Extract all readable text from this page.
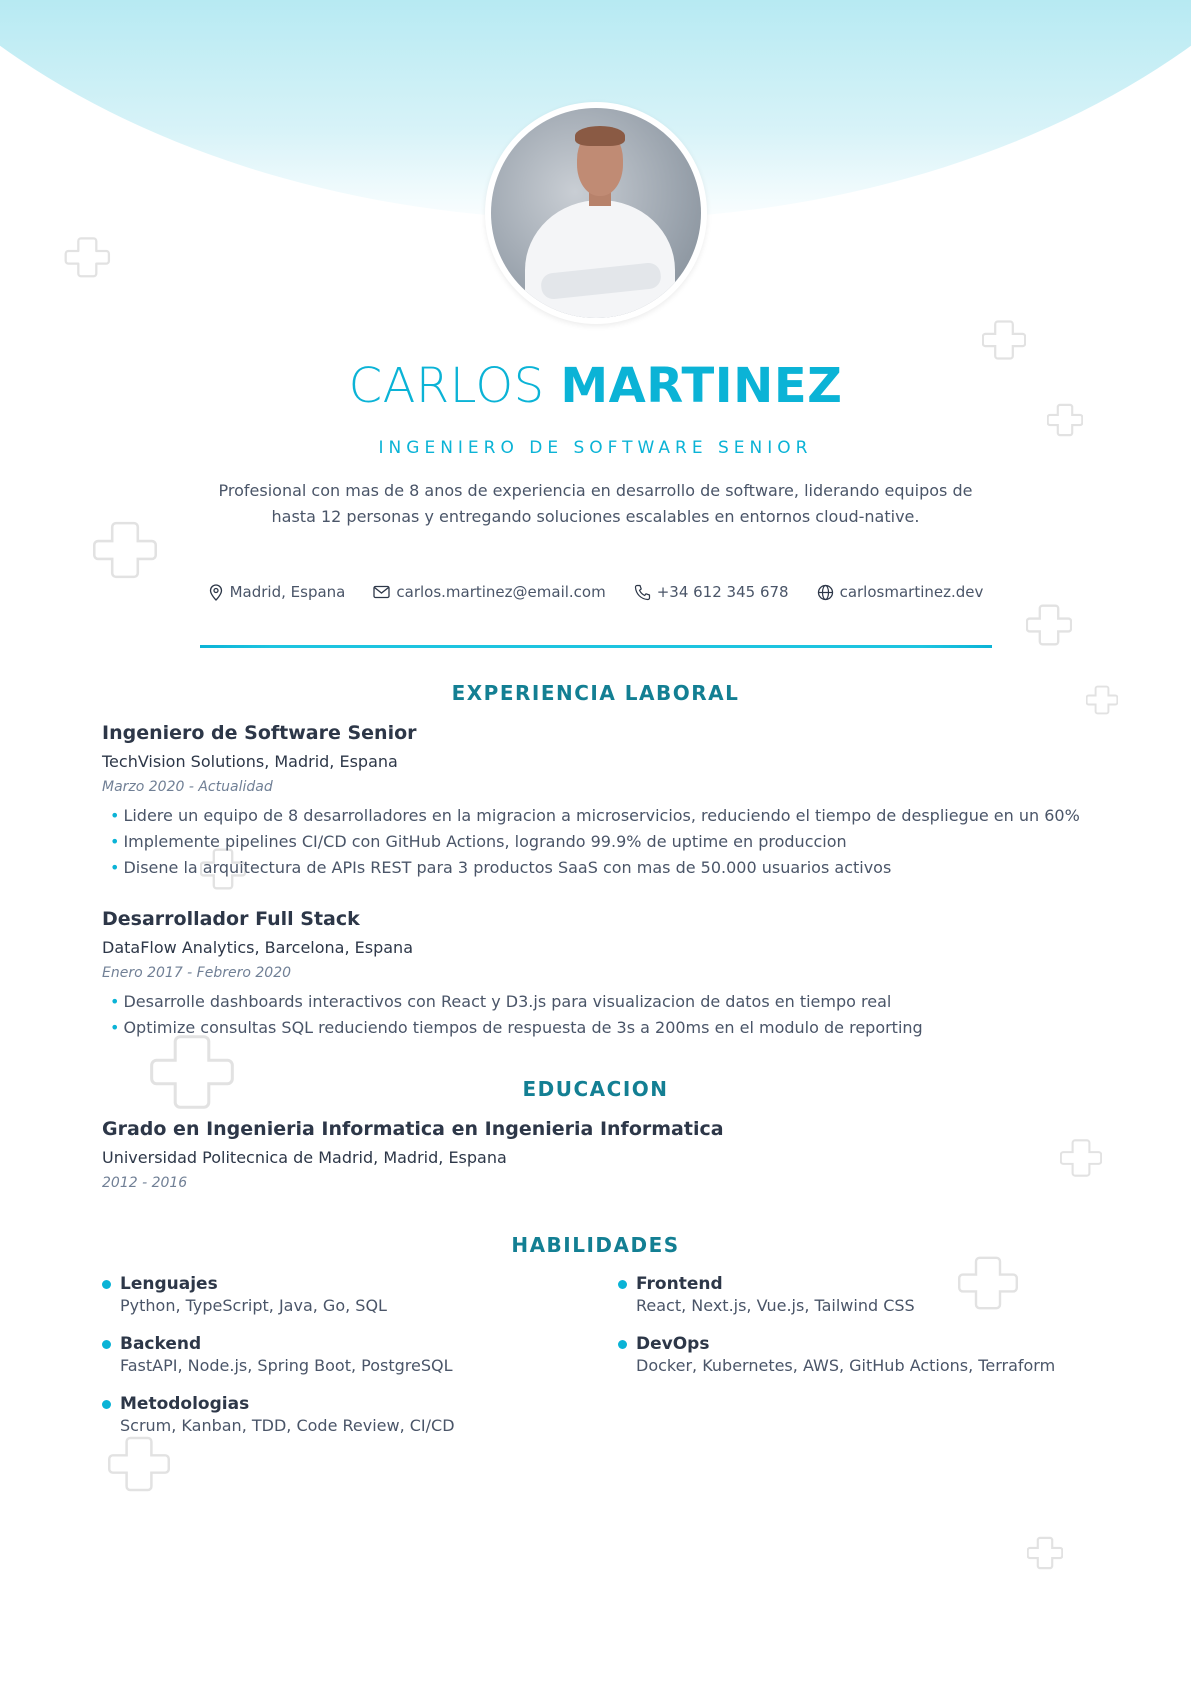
CARLOS MARTINEZ
INGENIERO DE SOFTWARE SENIOR
Profesional con mas de 8 anos de experiencia en desarrollo de software, liderando equipos de hasta 12 personas y entregando soluciones escalables en entornos cloud-native.
Madrid, Espana	carlos.martinez@email.com	+34 612 345 678	carlosmartinez.dev
EXPERIENCIA LABORAL
Ingeniero de Software Senior
TechVision Solutions, Madrid, Espana
Marzo 2020 - Actualidad
• Lidere un equipo de 8 desarrolladores en la migracion a microservicios, reduciendo el tiempo de despliegue en un 60%
• Implemente pipelines CI/CD con GitHub Actions, logrando 99.9% de uptime en produccion
• Disene la arquitectura de APIs REST para 3 productos SaaS con mas de 50.000 usuarios activos
Desarrollador Full Stack
DataFlow Analytics, Barcelona, Espana
Enero 2017 - Febrero 2020
• Desarrolle dashboards interactivos con React y D3.js para visualizacion de datos en tiempo real
• Optimize consultas SQL reduciendo tiempos de respuesta de 3s a 200ms en el modulo de reporting
EDUCACION
Grado en Ingenieria Informatica en Ingenieria Informatica
Universidad Politecnica de Madrid, Madrid, Espana
2012 - 2016
HABILIDADES
Lenguajes
Python, TypeScript, Java, Go, SQL
Frontend
React, Next.js, Vue.js, Tailwind CSS
Backend
FastAPI, Node.js, Spring Boot, PostgreSQL
DevOps
Docker, Kubernetes, AWS, GitHub Actions, Terraform
Metodologias
Scrum, Kanban, TDD, Code Review, CI/CD
